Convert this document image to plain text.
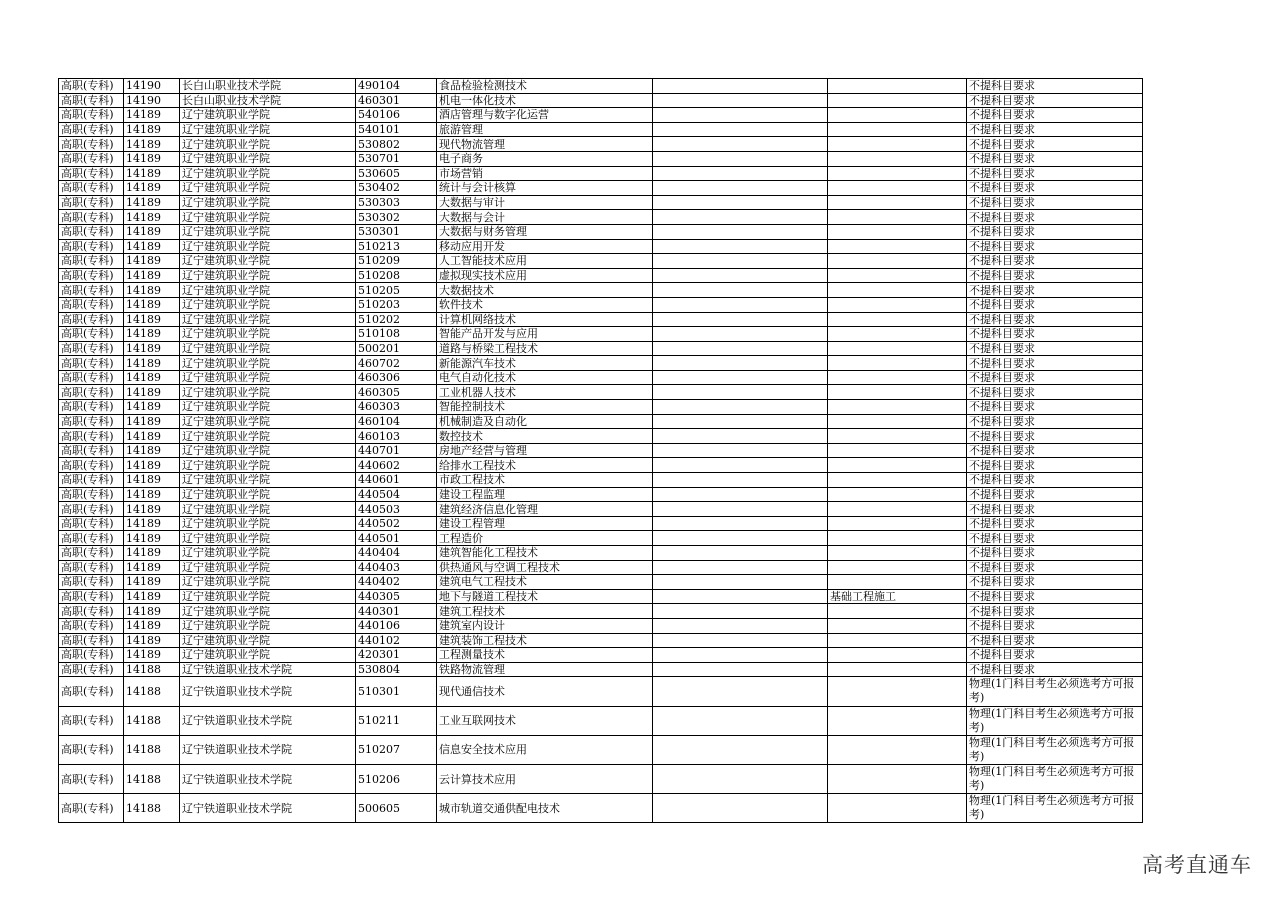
高职(专科)	14190	长白山职业技术学院	490104	食品检验检测技术			不提科目要求
高职(专科)	14190	长白山职业技术学院	460301	机电一体化技术			不提科目要求
高职(专科)	14189	辽宁建筑职业学院	540106	酒店管理与数字化运营			不提科目要求
高职(专科)	14189	辽宁建筑职业学院	540101	旅游管理			不提科目要求
高职(专科)	14189	辽宁建筑职业学院	530802	现代物流管理			不提科目要求
高职(专科)	14189	辽宁建筑职业学院	530701	电子商务			不提科目要求
高职(专科)	14189	辽宁建筑职业学院	530605	市场营销			不提科目要求
高职(专科)	14189	辽宁建筑职业学院	530402	统计与会计核算			不提科目要求
高职(专科)	14189	辽宁建筑职业学院	530303	大数据与审计			不提科目要求
高职(专科)	14189	辽宁建筑职业学院	530302	大数据与会计			不提科目要求
高职(专科)	14189	辽宁建筑职业学院	530301	大数据与财务管理			不提科目要求
高职(专科)	14189	辽宁建筑职业学院	510213	移动应用开发			不提科目要求
高职(专科)	14189	辽宁建筑职业学院	510209	人工智能技术应用			不提科目要求
高职(专科)	14189	辽宁建筑职业学院	510208	虚拟现实技术应用			不提科目要求
高职(专科)	14189	辽宁建筑职业学院	510205	大数据技术			不提科目要求
高职(专科)	14189	辽宁建筑职业学院	510203	软件技术			不提科目要求
高职(专科)	14189	辽宁建筑职业学院	510202	计算机网络技术			不提科目要求
高职(专科)	14189	辽宁建筑职业学院	510108	智能产品开发与应用			不提科目要求
高职(专科)	14189	辽宁建筑职业学院	500201	道路与桥梁工程技术			不提科目要求
高职(专科)	14189	辽宁建筑职业学院	460702	新能源汽车技术			不提科目要求
高职(专科)	14189	辽宁建筑职业学院	460306	电气自动化技术			不提科目要求
高职(专科)	14189	辽宁建筑职业学院	460305	工业机器人技术			不提科目要求
高职(专科)	14189	辽宁建筑职业学院	460303	智能控制技术			不提科目要求
高职(专科)	14189	辽宁建筑职业学院	460104	机械制造及自动化			不提科目要求
高职(专科)	14189	辽宁建筑职业学院	460103	数控技术			不提科目要求
高职(专科)	14189	辽宁建筑职业学院	440701	房地产经营与管理			不提科目要求
高职(专科)	14189	辽宁建筑职业学院	440602	给排水工程技术			不提科目要求
高职(专科)	14189	辽宁建筑职业学院	440601	市政工程技术			不提科目要求
高职(专科)	14189	辽宁建筑职业学院	440504	建设工程监理			不提科目要求
高职(专科)	14189	辽宁建筑职业学院	440503	建筑经济信息化管理			不提科目要求
高职(专科)	14189	辽宁建筑职业学院	440502	建设工程管理			不提科目要求
高职(专科)	14189	辽宁建筑职业学院	440501	工程造价			不提科目要求
高职(专科)	14189	辽宁建筑职业学院	440404	建筑智能化工程技术			不提科目要求
高职(专科)	14189	辽宁建筑职业学院	440403	供热通风与空调工程技术			不提科目要求
高职(专科)	14189	辽宁建筑职业学院	440402	建筑电气工程技术			不提科目要求
高职(专科)	14189	辽宁建筑职业学院	440305	地下与隧道工程技术		基础工程施工	不提科目要求
高职(专科)	14189	辽宁建筑职业学院	440301	建筑工程技术			不提科目要求
高职(专科)	14189	辽宁建筑职业学院	440106	建筑室内设计			不提科目要求
高职(专科)	14189	辽宁建筑职业学院	440102	建筑装饰工程技术			不提科目要求
高职(专科)	14189	辽宁建筑职业学院	420301	工程测量技术			不提科目要求
高职(专科)	14188	辽宁铁道职业技术学院	530804	铁路物流管理			不提科目要求
高职(专科)	14188	辽宁铁道职业技术学院	510301	现代通信技术			物理(1门科目考生必须选考方可报考)
高职(专科)	14188	辽宁铁道职业技术学院	510211	工业互联网技术			物理(1门科目考生必须选考方可报考)
高职(专科)	14188	辽宁铁道职业技术学院	510207	信息安全技术应用			物理(1门科目考生必须选考方可报考)
高职(专科)	14188	辽宁铁道职业技术学院	510206	云计算技术应用			物理(1门科目考生必须选考方可报考)
高职(专科)	14188	辽宁铁道职业技术学院	500605	城市轨道交通供配电技术			物理(1门科目考生必须选考方可报考)
高考直通车
